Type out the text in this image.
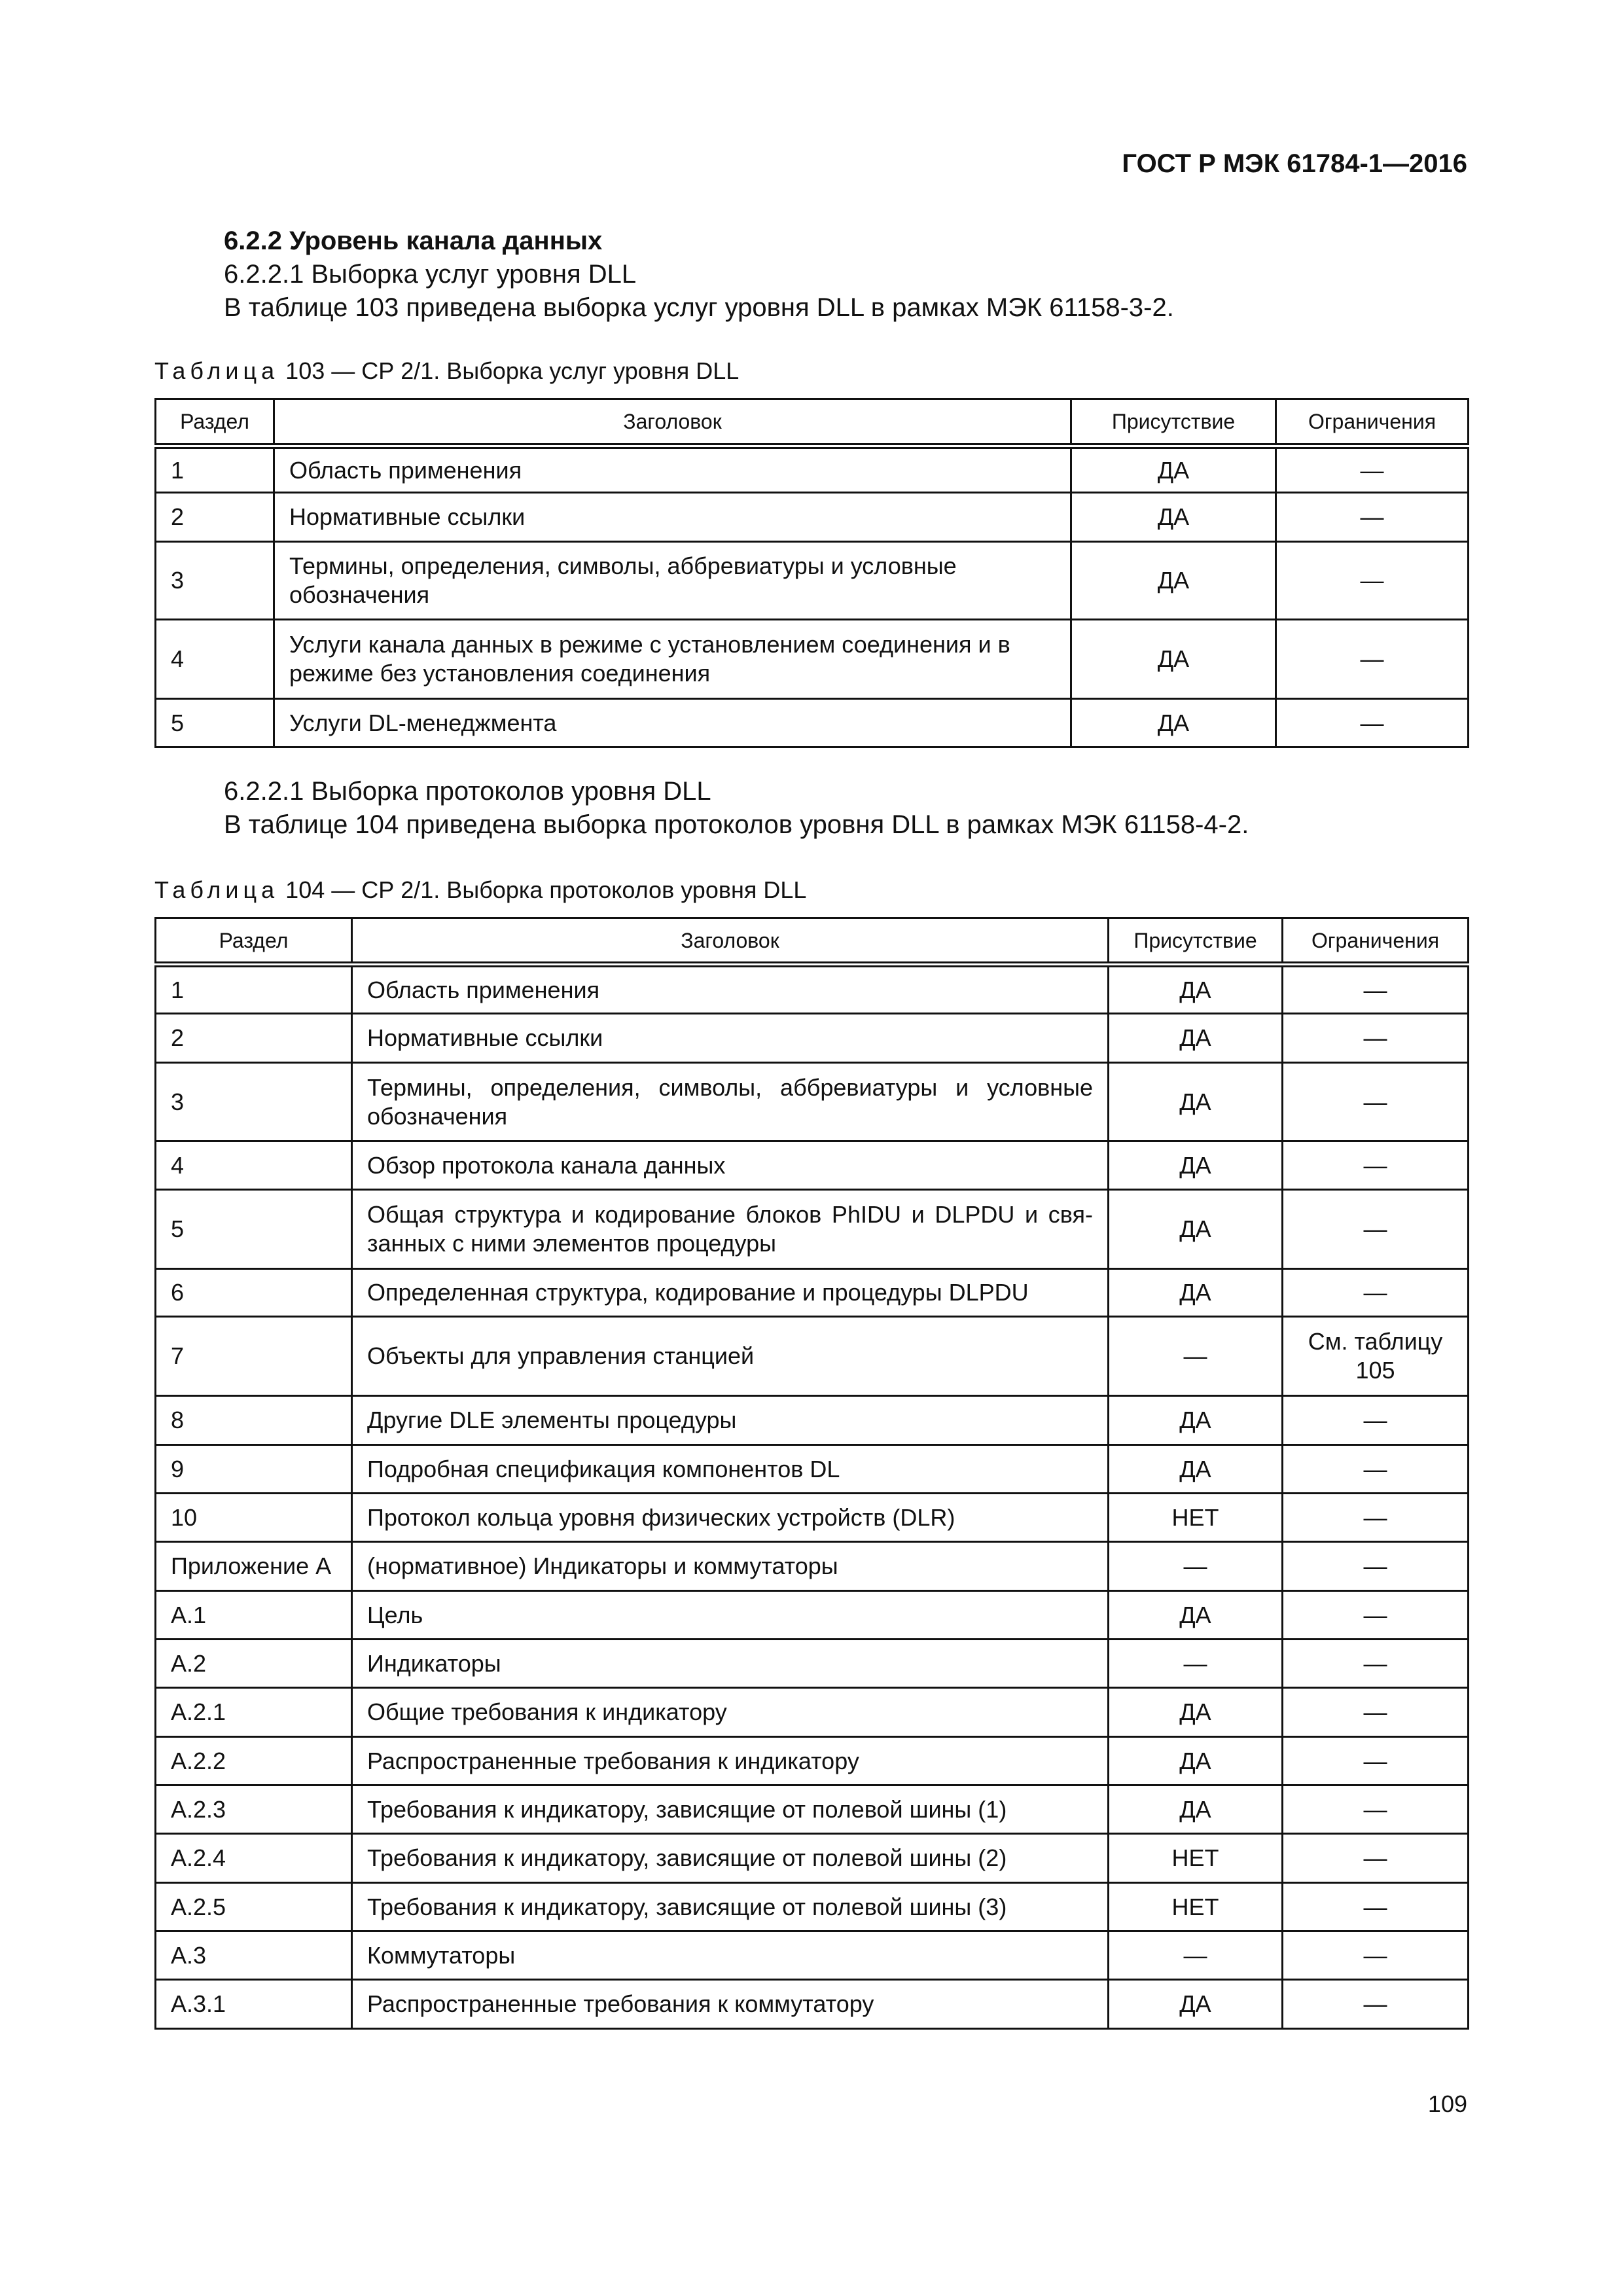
ГОСТ Р МЭК 61784-1—2016
6.2.2 Уровень канала данных
6.2.2.1 Выборка услуг уровня DLL
В таблице 103 приведена выборка услуг уровня DLL в рамках МЭК 61158-3-2.
Таблица 103 — СР 2/1. Выборка услуг уровня DLL
Раздел	Заголовок	Присутствие	Ограничения
1	Область применения	ДА	—
2	Нормативные ссылки	ДА	—
3	Термины, определения, символы, аббревиатуры и условные обозначения	ДА	—
4	Услуги канала данных в режиме с установлением соединения и в режиме без установления соединения	ДА	—
5	Услуги DL-менеджмента	ДА	—
6.2.2.1 Выборка протоколов уровня DLL
В таблице 104 приведена выборка протоколов уровня DLL в рамках МЭК 61158-4-2.
Таблица 104 — СР 2/1. Выборка протоколов уровня DLL
Раздел	Заголовок	Присутствие	Ограничения
1	Область применения	ДА	—
2	Нормативные ссылки	ДА	—
3	Термины, определения, символы, аббревиатуры и условные обозначения	ДА	—
4	Обзор протокола канала данных	ДА	—
5	Общая структура и кодирование блоков PhIDU и DLPDU и свя-занных с ними элементов процедуры	ДА	—
6	Определенная структура, кодирование и процедуры DLPDU	ДА	—
7	Объекты для управления станцией	—	См. таблицу 105
8	Другие DLE элементы процедуры	ДА	—
9	Подробная спецификация компонентов DL	ДА	—
10	Протокол кольца уровня физических устройств (DLR)	НЕТ	—
Приложение А	(нормативное) Индикаторы и коммутаторы	—	—
А.1	Цель	ДА	—
А.2	Индикаторы	—	—
А.2.1	Общие требования к индикатору	ДА	—
А.2.2	Распространенные требования к индикатору	ДА	—
А.2.3	Требования к индикатору, зависящие от полевой шины (1)	ДА	—
А.2.4	Требования к индикатору, зависящие от полевой шины (2)	НЕТ	—
А.2.5	Требования к индикатору, зависящие от полевой шины (3)	НЕТ	—
А.3	Коммутаторы	—	—
А.3.1	Распространенные требования к коммутатору	ДА	—
109
